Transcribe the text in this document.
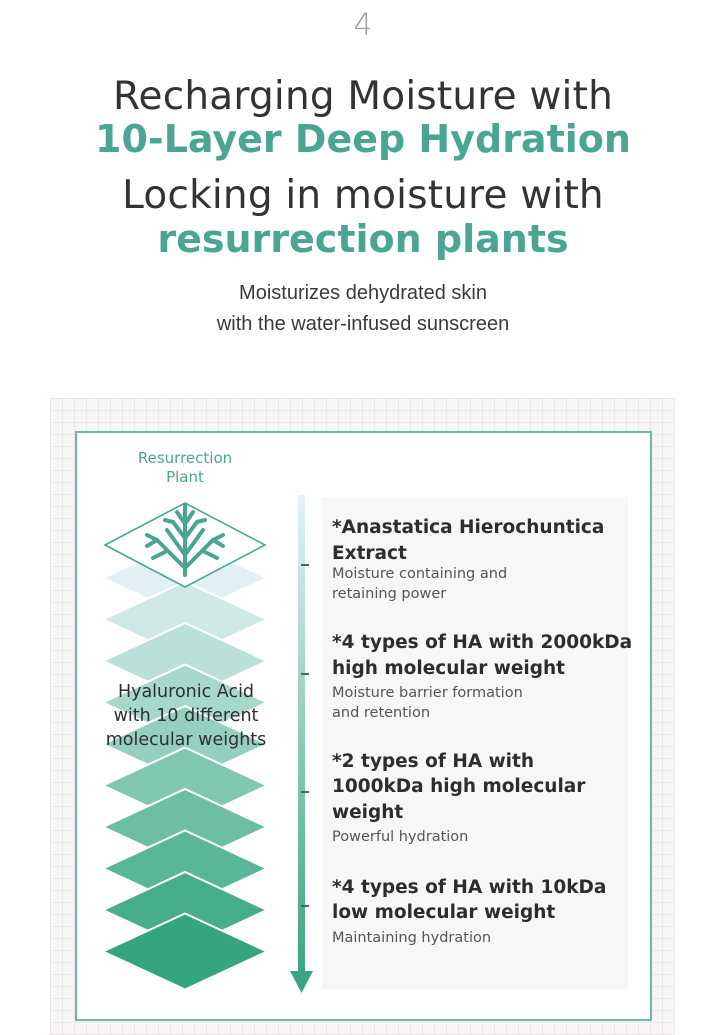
4
Recharging Moisture with
10-Layer Deep Hydration
Locking in moisture with
resurrection plants
Moisturizes dehydrated skin
with the water-infused sunscreen
Resurrection
Plant
Hyaluronic Acid
with 10 different
molecular weights
*Anastatica Hierochuntica
Extract
Moisture containing and
retaining power
*4 types of HA with 2000kDa
high molecular weight
Moisture barrier formation
and retention
*2 types of HA with
1000kDa high molecular
weight
Powerful hydration
*4 types of HA with 10kDa
low molecular weight
Maintaining hydration
